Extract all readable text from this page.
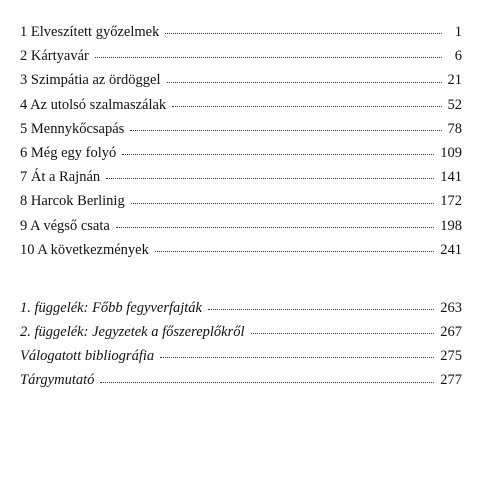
1 Elveszített győzelmek	1
2 Kártyavár	6
3 Szimpátia az ördöggel	21
4 Az utolsó szalmaszálak	52
5 Mennykőcsapás	78
6 Még egy folyó	109
7 Át a Rajnán	141
8 Harcok Berlinig	172
9 A végső csata	198
10 A következmények	241
1. függelék: Főbb fegyverfajták	263
2. függelék: Jegyzetek a főszereplőkről	267
Válogatott bibliográfia	275
Tárgymutató	277
